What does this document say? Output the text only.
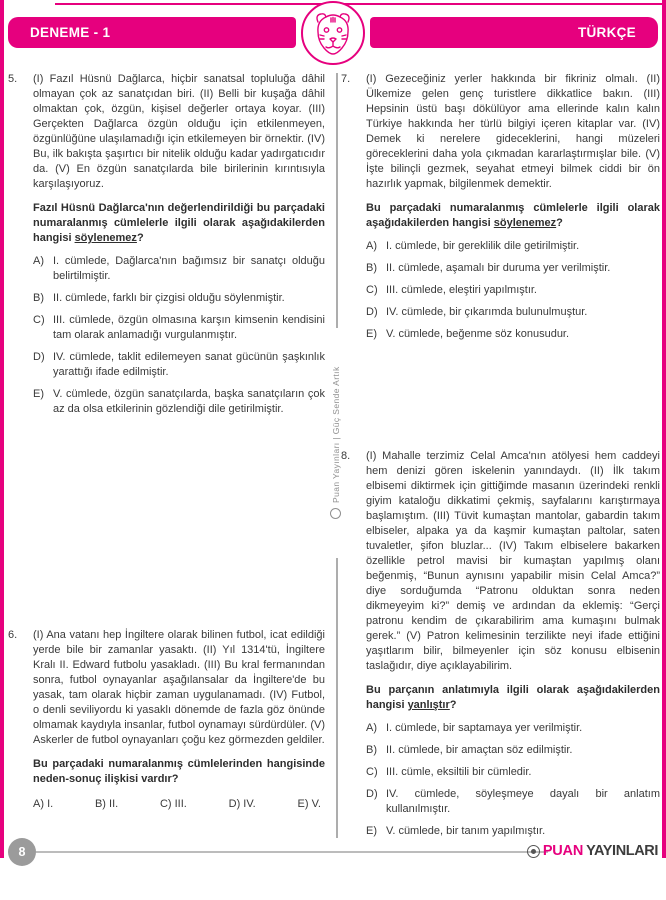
DENEME - 1	TÜRKÇE
5.	(I) Fazıl Hüsnü Dağlarca, hiçbir sanatsal topluluğa dâhil olmayan çok az sanatçıdan biri. (II) Belli bir kuşağa dâhil olmaktan çok, özgün, kişisel değerler ortaya koyar. (III) Gerçekten Dağlarca özgün olduğu için etkilenmeyen, özgünlüğüne ulaşılamadığı için etkilemeyen bir örnektir. (IV) Bu, ilk bakışta şaşırtıcı bir nitelik olduğu kadar yadırgatıcıdır da. (V) En özgün sanatçılarda bile birilerinin kırıntısıyla karşılaşıyoruz.

Fazıl Hüsnü Dağlarca'nın değerlendirildiği bu parçadaki numaralanmış cümlelerle ilgili olarak aşağıdakilerden hangisi söylenemez?

A) I. cümlede, Dağlarca'nın bağımsız bir sanatçı olduğu belirtilmiştir.
B) II. cümlede, farklı bir çizgisi olduğu söylenmiştir.
C) III. cümlede, özgün olmasına karşın kimsenin kendisini tam olarak anlamadığı vurgulanmıştır.
D) IV. cümlede, taklit edilemeyen sanat gücünün şaşkınlık yarattığı ifade edilmiştir.
E) V. cümlede, özgün sanatçılarda, başka sanatçıların çok az da olsa etkilerinin gözlendiği dile getirilmiştir.
6.	(I) Ana vatanı hep İngiltere olarak bilinen futbol, icat edildiği yerde bile bir zamanlar yasaktı. (II) Yıl 1314'tü, İngiltere Kralı II. Edward futbolu yasakladı. (III) Bu kral fermanından sonra, futbol oynayanlar aşağılansalar da İngiltere'de bu yasak, tam olarak hiçbir zaman uygulanamadı. (IV) Futbol, o denli seviliyordu ki yasaklı dönemde de fazla göz önünde olmamak kaydıyla insanlar, futbol oynamayı sürdürdüler. (V) Askerler de futbol oynayanları çoğu kez görmezden geldiler.

Bu parçadaki numaralanmış cümlelerinden hangisinde neden-sonuç ilişkisi vardır?

A) I.	B) II.	C) III.	D) IV.	E) V.
7.	(I) Gezeceğiniz yerler hakkında bir fikriniz olmalı. (II) Ülkemize gelen genç turistlere dikkatlice bakın. (III) Hepsinin üstü başı dökülüyor ama ellerinde kalın kalın Türkiye hakkında her türlü bilgiyi içeren kitaplar var. (IV) Demek ki nerelere gideceklerini, hangi müzeleri göreceklerini daha yola çıkmadan kararlaştırmışlar bile. (V) İşte bilinçli gezmek, seyahat etmeyi bilmek ciddi bir ön hazırlık yapmak, bilgilenmek demektir.

Bu parçadaki numaralanmış cümlelerle ilgili olarak aşağıdakilerden hangisi söylenemez?

A) I. cümlede, bir gereklilik dile getirilmiştir.
B) II. cümlede, aşamalı bir duruma yer verilmiştir.
C) III. cümlede, eleştiri yapılmıştır.
D) IV. cümlede, bir çıkarımda bulunulmuştur.
E) V. cümlede, beğenme söz konusudur.
8.	(I) Mahalle terzimiz Celal Amca'nın atölyesi hem caddeyi hem denizi gören iskelenin yanındaydı. (II) İlk takım elbisemi diktirmek için gittiğimde masanın üzerindeki renkli giyim kataloğu dikkatimi çekmiş, sayfalarını karıştırmaya başlamıştım. (III) Tüvit kumaştan mantolar, gabardin takım elbiseler, alpaka ya da kaşmir kumaştan paltolar, saten tuvaletler, şifon bluzlar... (IV) Takım elbiselere bakarken özellikle petrol mavisi bir kumaştan yapılmış olanı beğenmiş, “Bunun aynısını yapabilir misin Celal Amca?” diye sorduğumda “Patronu olduktan sonra neden dikmeyeyim ki?” demiş ve ardından da eklemiş: “Gerçi patronu kendim de çıkarabilirim ama kumaşını bulmak gerek.” (V) Patron kelimesinin terzilikte neyi ifade ettiğini yaşıtlarım bilir, bilmeyenler için söz konusu elbisenin taslağıdır, diye açıklayabilirim.

Bu parçanın anlatımıyla ilgili olarak aşağıdakilerden hangisi yanlıştır?

A) I. cümlede, bir saptamaya yer verilmiştir.
B) II. cümlede, bir amaçtan söz edilmiştir.
C) III. cümle, eksiltili bir cümledir.
D) IV. cümlede, söyleşmeye dayalı bir anlatım kullanılmıştır.
E) V. cümlede, bir tanım yapılmıştır.
Puan Yayınları | Güç Sende Artık
8	PUAN YAYINLARI
